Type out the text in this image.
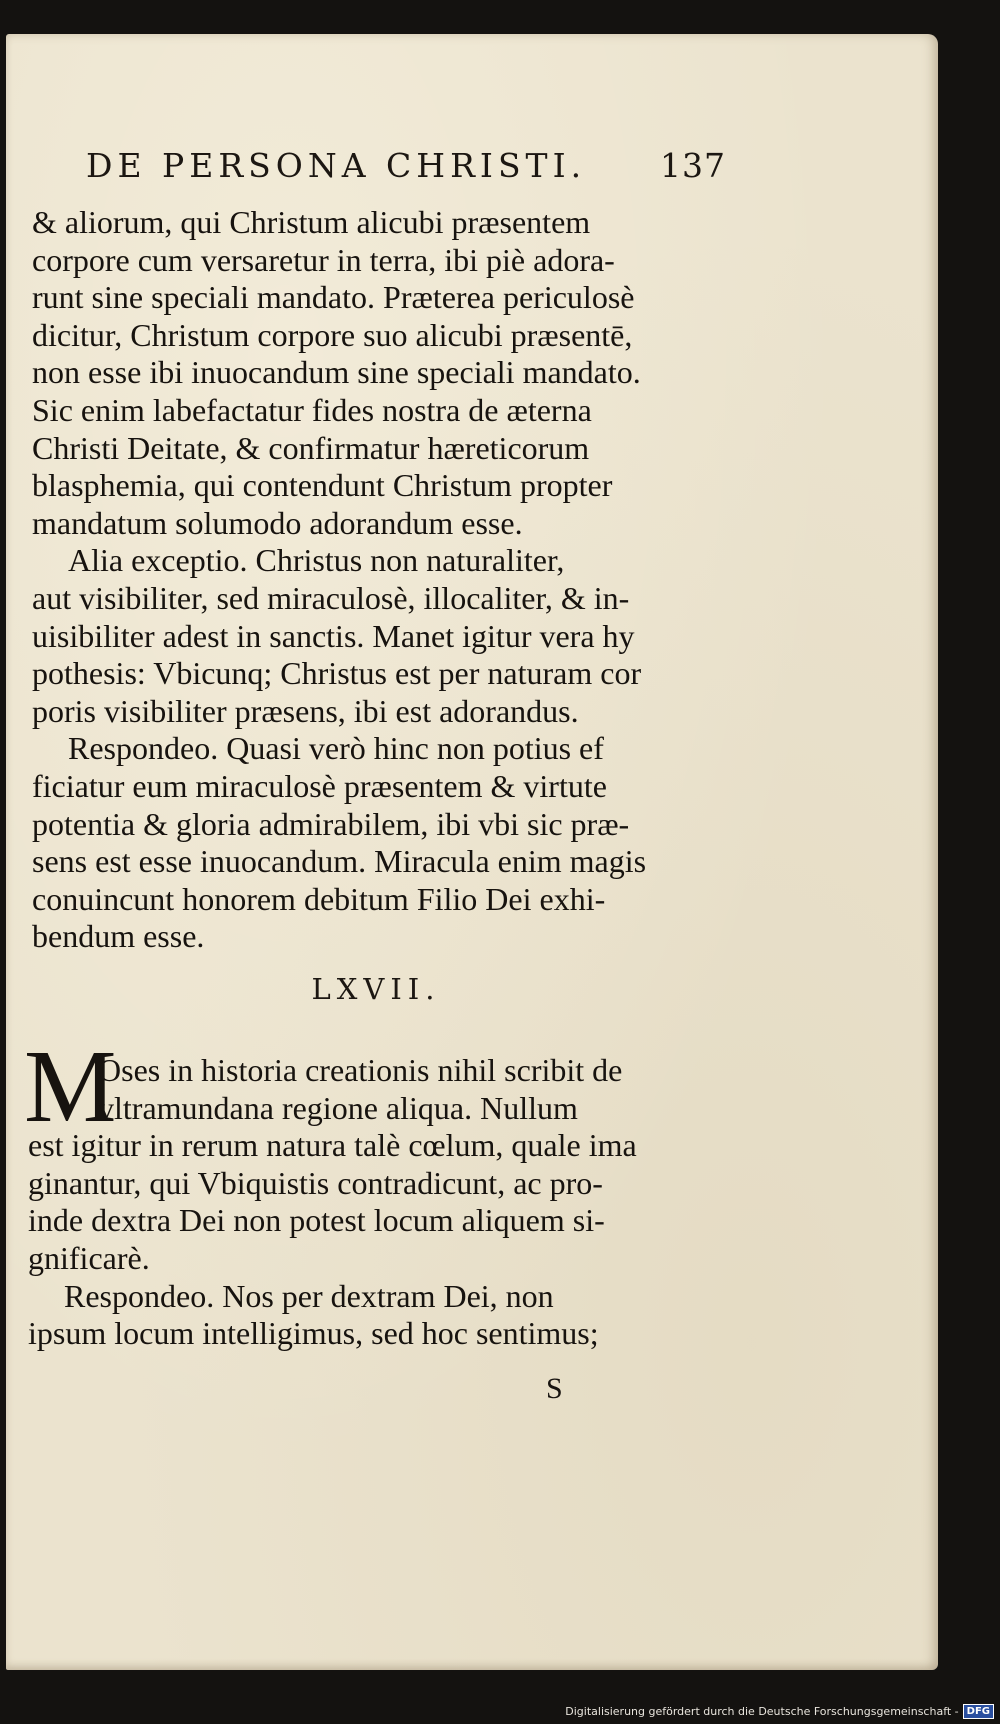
DE PERSONA CHRISTI. 137
& aliorum, qui Christum alicubi præsentem
corpore cum versaretur in terra, ibi piè adora-
runt sine speciali mandato. Præterea periculosè
dicitur, Christum corpore suo alicubi præsentē,
non esse ibi inuocandum sine speciali mandato.
Sic enim labefactatur fides nostra de æterna
Christi Deitate, & confirmatur hæreticorum
blasphemia, qui contendunt Christum propter
mandatum solumodo adorandum esse.
Alia exceptio. Christus non naturaliter,
aut visibiliter, sed miraculosè, illocaliter, & in-
uisibiliter adest in sanctis. Manet igitur vera hy
pothesis: Vbicunq; Christus est per naturam cor
poris visibiliter præsens, ibi est adorandus.
Respondeo. Quasi verò hinc non potius ef
ficiatur eum miraculosè præsentem & virtute
potentia & gloria admirabilem, ibi vbi sic præ-
sens est esse inuocandum. Miracula enim magis
conuincunt honorem debitum Filio Dei exhi-
bendum esse.
LXVII.
M
Oses in historia creationis nihil scribit de
vltramundana regione aliqua. Nullum
est igitur in rerum natura talè cœlum, quale ima
ginantur, qui Vbiquistis contradicunt, ac pro-
inde dextra Dei non potest locum aliquem si-
gnificarè.
Respondeo. Nos per dextram Dei, non
ipsum locum intelligimus, sed hoc sentimus;
S
Digitalisierung gefördert durch die Deutsche Forschungsgemeinschaft - DFG
